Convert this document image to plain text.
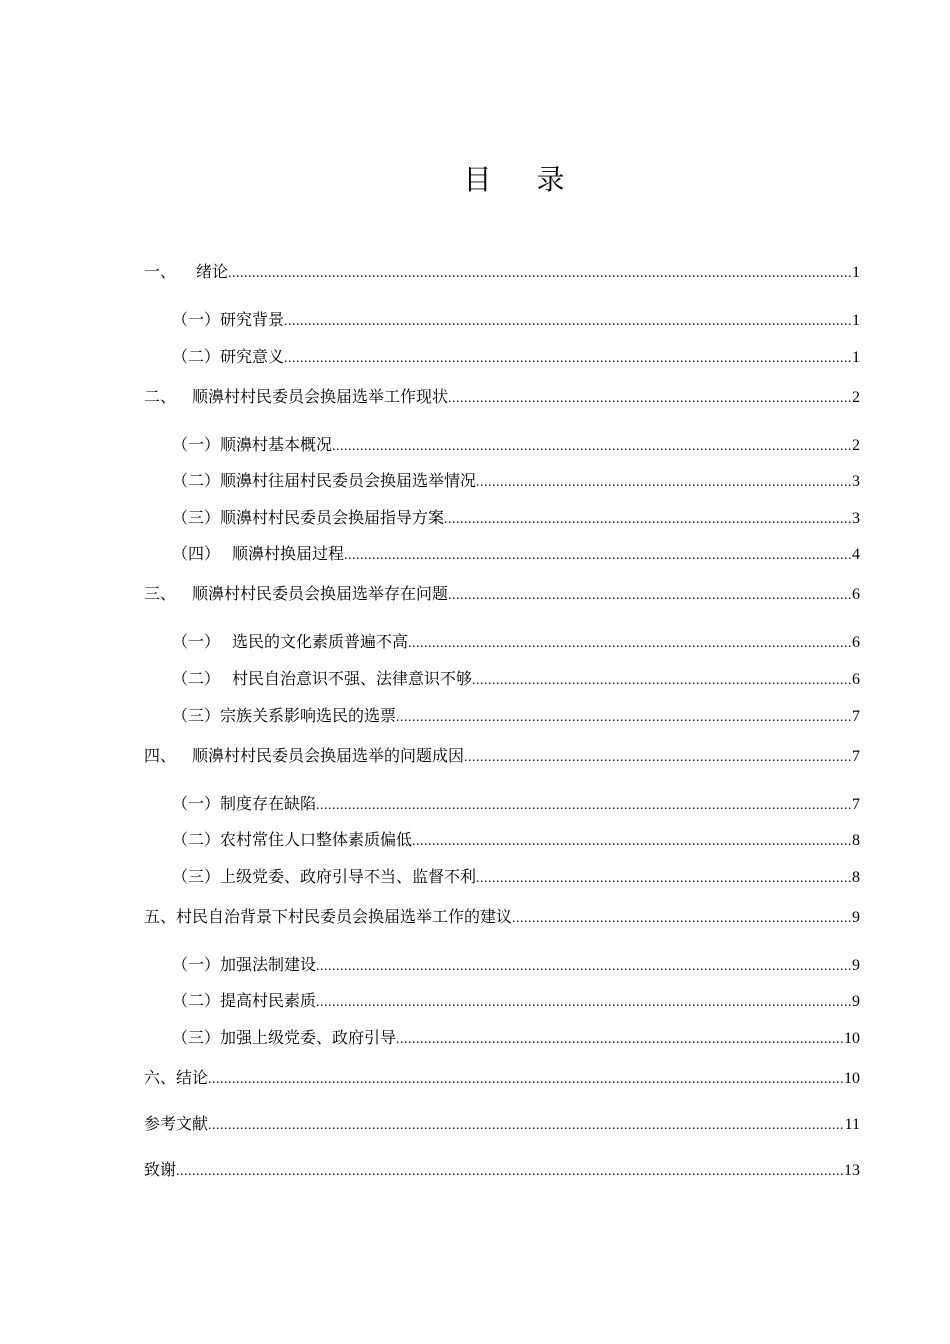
目 录
一、 绪论 .....	1
（一）研究背景 .....	1
（二）研究意义 .....	1
二、 顺濞村村民委员会换届选举工作现状 .....	2
（一）顺濞村基本概况 .....	2
（二）顺濞村往届村民委员会换届选举情况 .....	3
（三）顺濞村村民委员会换届指导方案 .....	3
（四） 顺濞村换届过程 .....	4
三、 顺濞村村民委员会换届选举存在问题 .....	6
（一） 选民的文化素质普遍不高 .....	6
（二） 村民自治意识不强、法律意识不够 .....	6
（三）宗族关系影响选民的选票 .....	7
四、 顺濞村村民委员会换届选举的问题成因 .....	7
（一）制度存在缺陷 .....	7
（二）农村常住人口整体素质偏低 .....	8
（三）上级党委、政府引导不当、监督不利 .....	8
五、村民自治背景下村民委员会换届选举工作的建议 .....	9
（一）加强法制建设 .....	9
（二）提高村民素质 .....	9
（三）加强上级党委、政府引导 .....	10
六、结论 .....	10
参考文献 .....	11
致谢 .....	13
